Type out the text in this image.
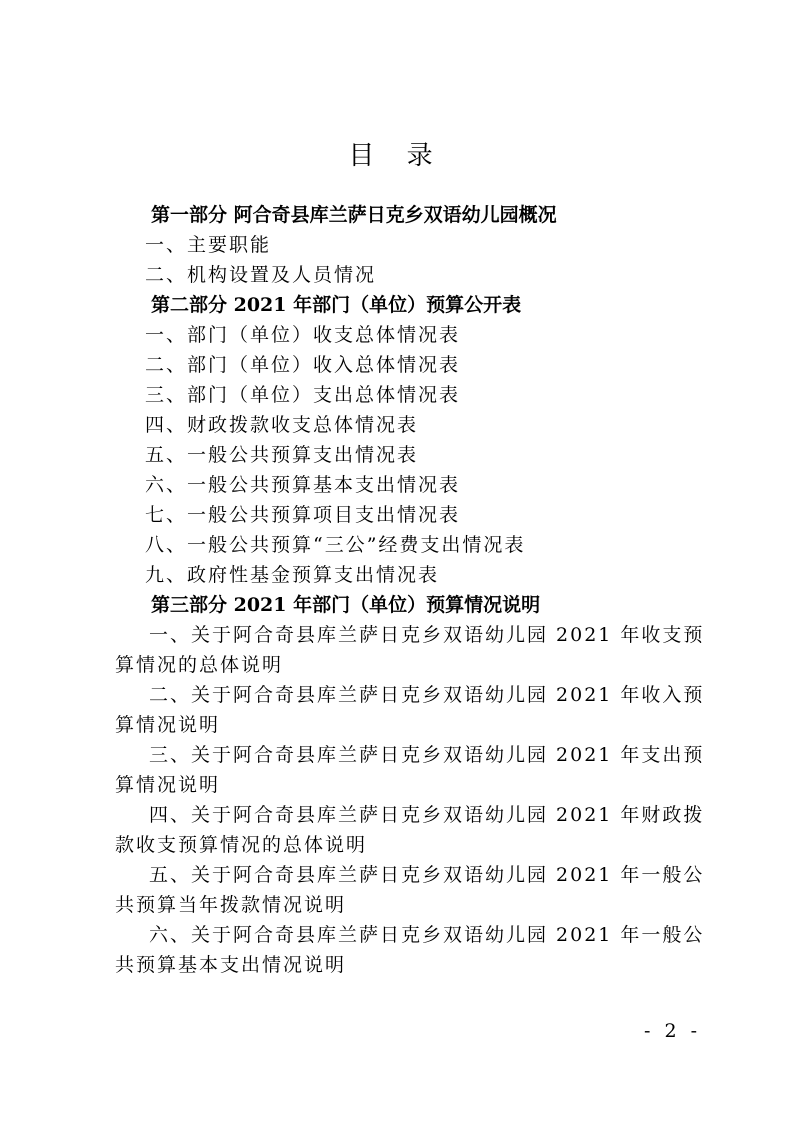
目 录
第一部分 阿合奇县库兰萨日克乡双语幼儿园概况
一、主要职能
二、机构设置及人员情况
第二部分 2021 年部门（单位）预算公开表
一、部门（单位）收支总体情况表
二、部门（单位）收入总体情况表
三、部门（单位）支出总体情况表
四、财政拨款收支总体情况表
五、一般公共预算支出情况表
六、一般公共预算基本支出情况表
七、一般公共预算项目支出情况表
八、一般公共预算“三公”经费支出情况表
九、政府性基金预算支出情况表
第三部分 2021 年部门（单位）预算情况说明
一、关于阿合奇县库兰萨日克乡双语幼儿园 2021 年收支预
算情况的总体说明
二、关于阿合奇县库兰萨日克乡双语幼儿园 2021 年收入预
算情况说明
三、关于阿合奇县库兰萨日克乡双语幼儿园 2021 年支出预
算情况说明
四、关于阿合奇县库兰萨日克乡双语幼儿园 2021 年财政拨
款收支预算情况的总体说明
五、关于阿合奇县库兰萨日克乡双语幼儿园 2021 年一般公
共预算当年拨款情况说明
六、关于阿合奇县库兰萨日克乡双语幼儿园 2021 年一般公
共预算基本支出情况说明
- 2 -
